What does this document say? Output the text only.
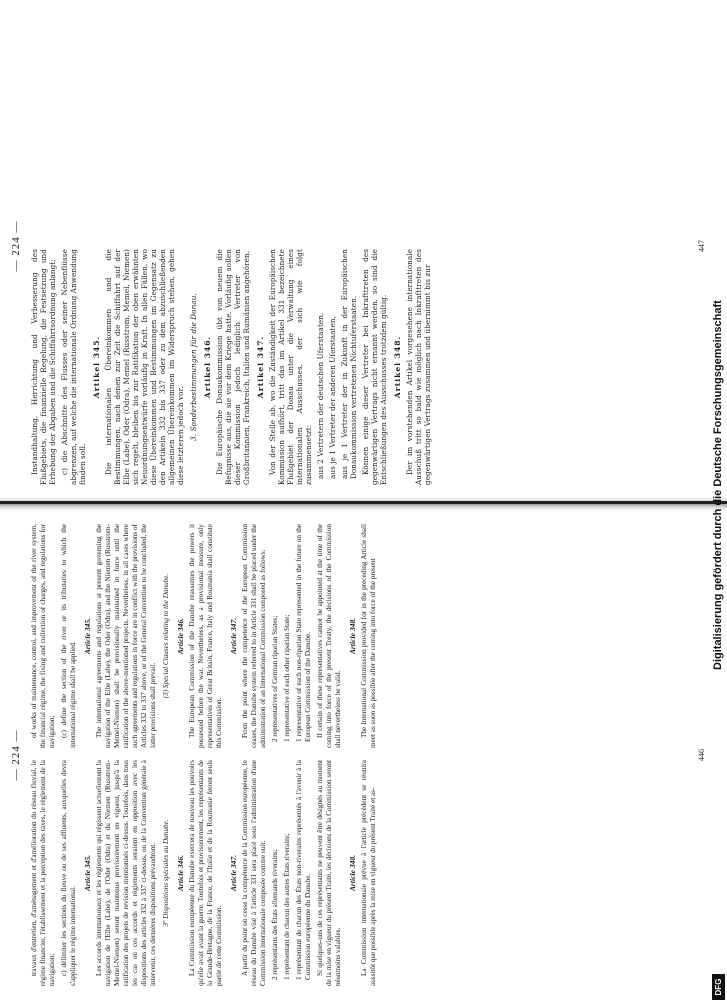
— 224 —

travaux d'entretien, d'aménagement et d'amélioration du réseau fluvial, le régime financier, l'établissement et la perception des taxes, le règlement de la navigation; c) délimiter les sections du fleuve ou de ses affluents, auxquelles devra s'appliquer le régime international.

Article 345. Les accords internationaux et les règlements qui régissent actuellement la navigation de l'Elbe (Labe), de l'Oder (Odra) et du Niemen (Russtrom-Memel-Niemen) seront maintenus provisoirement en vigueur, jusqu'à la ratification des projets de revision mentionnés ci-dessus. Toutefois, dans tous les cas où ces accords et règlements seraient en opposition avec les dispositions des articles 332 à 337 ci-dessus, ou de la Convention générale à intervenir, ces dernières dispositions prévaudront. 3º Dispositions spéciales au Danube. Article 346. La Commission européenne du Danube exercera de nouveau les pouvoirs qu'elle avait avant la guerre. Toutefois et provisoirement, les représentants de la Grande-Bretagne, de la France, de l'Italie et de la Roumanie feront seuls partie de cette Commission.

Article 347. A partir du point où cesse la compétence de la Commission européenne, le réseau du Danube visé à l'article 331 sera placé sous l'administration d'une Commission internationale composée comme suit: 2 représentants des États allemands riverains; 1 représentant de chacun des autres États riverains; 1 représentant de chacun des États non-riverains représentés à l'avenir à la Commission européenne du Danube. Si quelques-uns de ces représentants ne peuvent être désignés au moment de la mise en vigueur du présent Traité, les décisions de la Commission seront néanmoins valables.

Article 348. La Commission internationale prévue à l'article précédent se réunira aussitôt que possible après la mise en vigueur du présent Traité et as-

of works of maintenance, control, and improvement of the river system, the financial régime, the fixing and collection of charges, and regulations for navigation; (c) define the section of the river or its tributaries to which the international régime shall be applied.

Article 345. The international agreements and regulations at present governing the navigation of the Elbe (Labe), the Oder (Odra), and the Niemen (Russtrom-Memel-Niemen) shall be provisionally maintained in force until the ratification of the above-mentioned projects. Nevertheless, in all cases where such agreements and regulations in force are in conflict with the provisions of Articles 332 to 337 above, or of the General Convention to be concluded, the latter provisions shall prevail.

(3) Special Clauses relating to the Danube. Article 346. The European Commission of the Danube reassumes the powers it possessed before the war. Nevertheless, as a provisional measure, only representatives of Great Britain, France, Italy and Roumania shall constitute this Commission.

Article 347. From the point where the competence of the European Commission ceases, the Danube system referred to in Article 331 shall be placed under the administration of an International Commission composed as follows: 2 representatives of German riparian States; 1 representative of each other riparian State; 1 representative of each non-riparian State represented in the future on the European Commission of the Danube. If certain of these representatives cannot be appointed at the time of the coming into force of the present Treaty, the decisions of the Commission shall nevertheless be valid.

Article 348. The International Commission provided for in the preceding Article shall meet as soon as possible after the coming into force of the present

446
— 224 —

Instandhaltung, Herrichtung und Verbesserung des Flußgebiets, die finanzielle Regelung, die Festsetzung und Erhebung der Abgaben und die Schiffahrtsordnung anlangt; c) die Abschnitte des Flusses oder seiner Nebenflüsse abgrenzen, auf welche die internationale Ordnung Anwendung finden soll.

Artikel 345. Die internationalen Übereinkommen und die Bestimmungen, nach denen zur Zeit die Schiffahrt auf der Elbe (Labe), Oder (Odra), Memel (Russtrom, Memel, Niemen) sich regelt, bleiben bis zur Ratifikation der oben erwähnten Neuordnungsentwürfe vorläufig in Kraft. In allen Fällen, wo diese Übereinkommen und Bestimmungen im Gegensatz zu den Artikeln 332 bis 337 oder zu dem abzuschließenden allgemeinen Übereinkommen im Widerspruch stehen, gehen diese letzteren jedoch vor. 3. Sonderbestimmungen für die Donau. Artikel 346. Die Europäische Donaukommission übt von neuem die Befugnisse aus, die sie vor dem Kriege hatte. Vorläufig sollen dieser Kommission jedoch lediglich Vertreter von Großbritannien, Frankreich, Italien und Rumänien angehören. Artikel 347. Von der Stelle ab, wo die Zuständigkeit der Europäischen Kommission aufhört, tritt das im Artikel 331 bezeichnete Flußgebiet der Donau unter die Verwaltung eines internationalen Ausschusses, der sich wie folgt zusammensetzt: aus 2 Vertretern der deutschen Uferstaaten, aus je 1 Vertreter der anderen Uferstaaten, aus je 1 Vertreter der in Zukunft in der Europäischen Donaukommission vertretenen Nichtuferstaaten. Können einige dieser Vertreter bei Inkrafttreten des gegenwärtigen Vertrags nicht ernannt werden, so sind die Entschließungen des Ausschusses trotzdem gültig. Artikel 348. Der im vorstehenden Artikel vorgesehene internationale Ausschuß tritt so bald wie möglich nach Inkrafttreten des gegenwärtigen Vertrags zusammen und übernimmt bis zur

447
DFG
Digitalisierung gefördert durch die Deutsche Forschungsgemeinschaft
